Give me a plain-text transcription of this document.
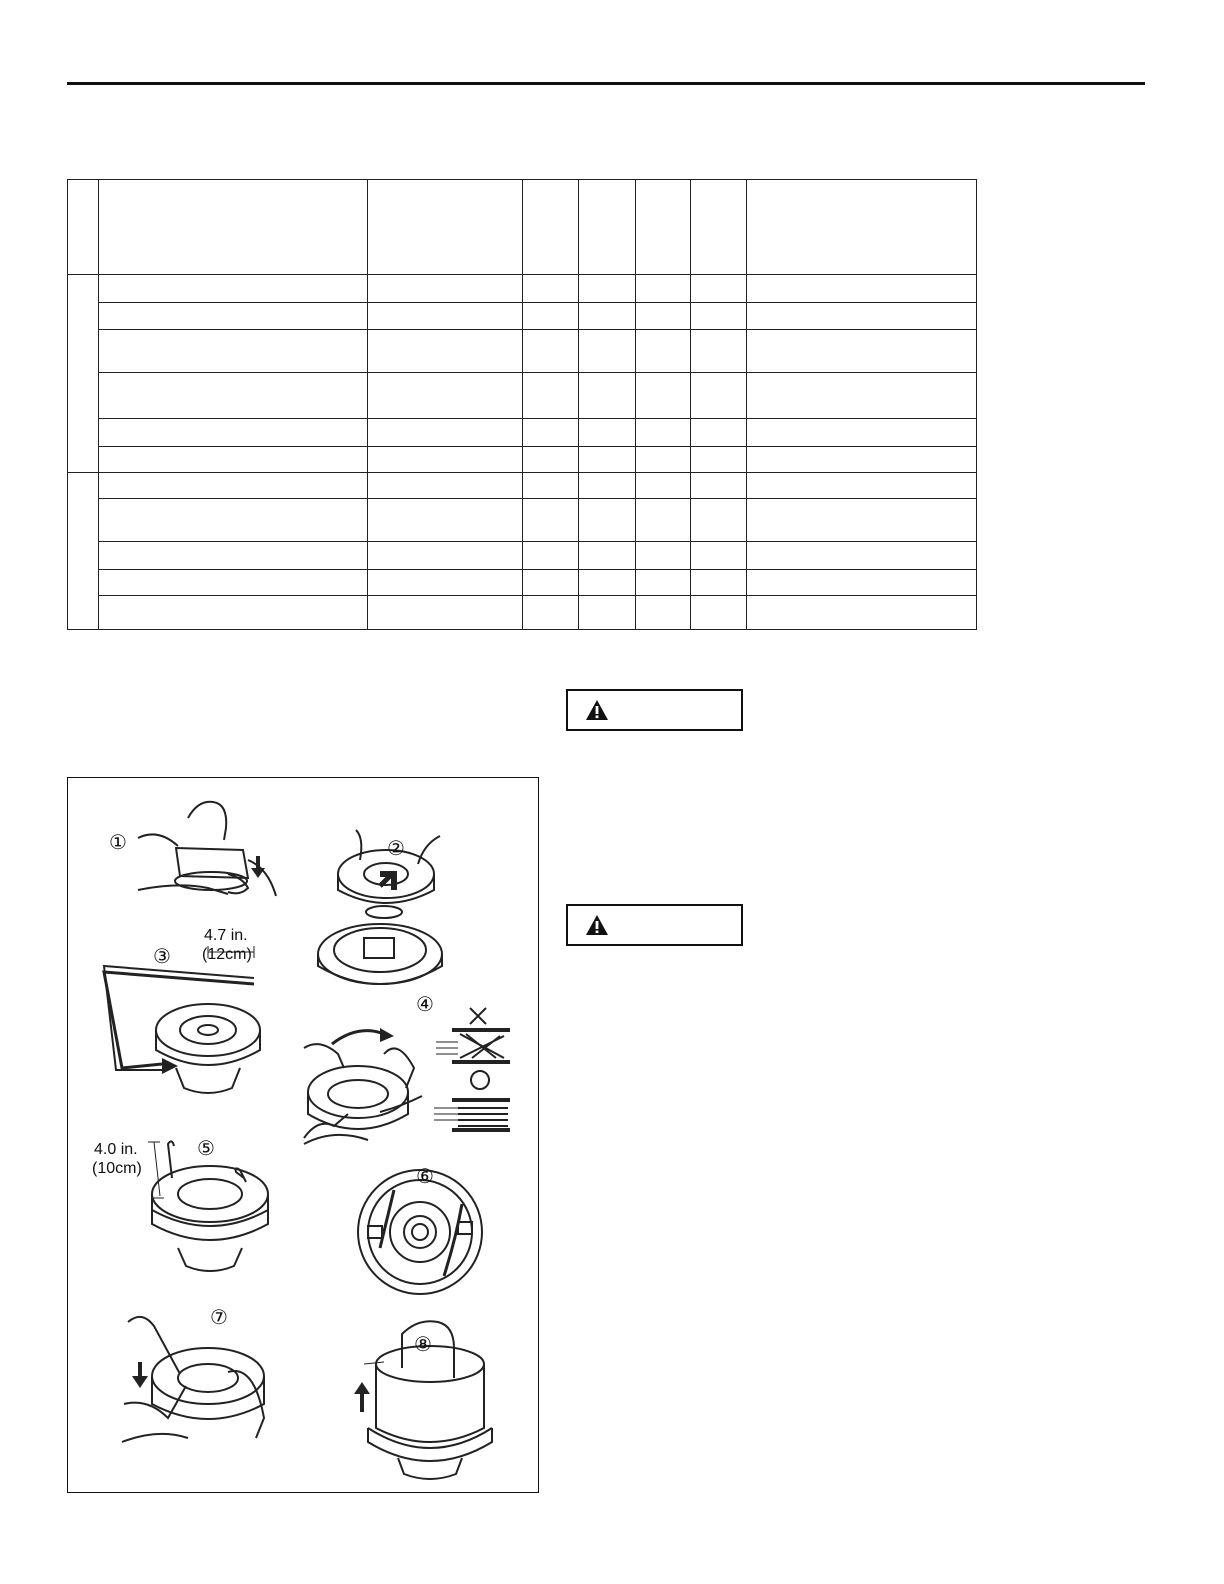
①	②
③
④
⑤
⑥
⑦
⑧
4.7 in.
(12cm)
4.0 in.
(10cm)
